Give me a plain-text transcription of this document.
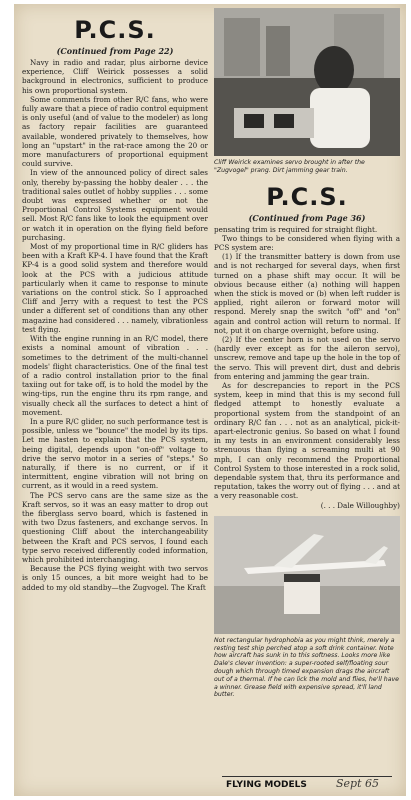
P.C.S.
(Continued from Page 22)

Navy in radio and radar, plus airborne device experience, Cliff Weirick possesses a solid background in electronics, sufficient to produce his own proportional system.

Some comments from other R/C fans, who were fully aware that a piece of radio control equipment is only useful (and of value to the modeler) as long as factory repair facilities are guaranteed available, wondered privately to themselves, how long an "upstart" in the rat-race among the 20 or more manufacturers of proportional equipment could survive.

In view of the announced policy of direct sales only, thereby by-passing the hobby dealer . . . the traditional sales outlet of hobby supplies . . . some doubt was expressed whether or not the Proportional Control Systems equipment would sell. Most R/C fans like to look the equipment over or watch it in operation on the flying field before purchasing.

Most of my proportional time in R/C gliders has been with a Kraft KP-4. I have found that the Kraft KP-4 is a good solid system and therefore would look at the PCS with a judicious attitude particularly when it came to response to minute variations on the control stick. So I approached Cliff and Jerry with a request to test the PCS under a different set of conditions than any other magazine had considered . . . namely, vibrationless test flying.

With the engine running in an R/C model, there exists a nominal amount of vibration . . . sometimes to the detriment of the multi-channel models' flight characteristics. One of the final test of a radio control installation prior to the final taxiing out for take off, is to hold the model by the wing-tips, run the engine thru its rpm range, and visually check all the surfaces to detect a hint of movement.

In a pure R/C glider, no such performance test is possible, unless we "bounce" the model by its tips. Let me hasten to explain that the PCS system, being digital, depends upon "on-off" voltage to drive the servo motor in a series of "steps." So naturally, if there is no current, or if it intermittent, engine vibration will not bring on current, as it would in a reed system.

The PCS servo cans are the same size as the Kraft servos, so it was an easy matter to drop out the fiberglass servo board, which is fastened in with two Dzus fasteners, and exchange servos. In questioning Cliff about the interchangeability between the Kraft and PCS servos, I found each type servo received differently coded information, which prohibited interchanging.

Because the PCS flying weight with two servos is only 15 ounces, a bit more weight had to be added to my old standby—the Zugvogel. The Kraft

Cliff Weirick examines servo brought in after the "Zugvogel" prang. Dirt jamming gear train.
P.C.S.
(Continued from Page 36)

pensating trim is required for straight flight.

Two things to be considered when flying with a PCS system are:

(1) If the transmitter battery is down from use and is not recharged for several days, when first turned on a phase shift may occur. It will be obvious because either (a) nothing will happen when the stick is moved or (b) when left rudder is applied, right aileron or forward motor will respond. Merely snap the switch "off" and "on" again and control action will return to normal. If not, put it on charge overnight, before using.

(2) If the center horn is not used on the servo (hardly ever except as for the aileron servo), unscrew, remove and tape up the hole in the top of the servo. This will prevent dirt, dust and debris from entering and jamming the gear train.

As for descrepancies to report in the PCS system, keep in mind that this is my second full fledged attempt to honestly evaluate a proportional system from the standpoint of an ordinary R/C fan . . . not as an analytical, pick-it-apart-electronic genius. So based on what I found in my tests in an environment considerably less strenuous than flying a screaming multi at 90 mph, I can only recommend the Proportional Control System to those interested in a rock solid, dependable system that, thru its performance and reputation, takes the worry out of flying . . . and at a very reasonable cost.

(. . . Dale Willoughby)

Not rectangular hydrophobia as you might think, merely a resting test ship perched atop a soft drink container. Note how aircraft has sunk in to this softness. Looks more like Dale's clever invention: a super-rooted self/floating sour dough which through timed expansion drags the aircraft out of a thermal. If he can lick the mold and flies, he'll have a winner. Grease field with expensive spread, it'll land butter.
FLYING MODELS	Sept 65
